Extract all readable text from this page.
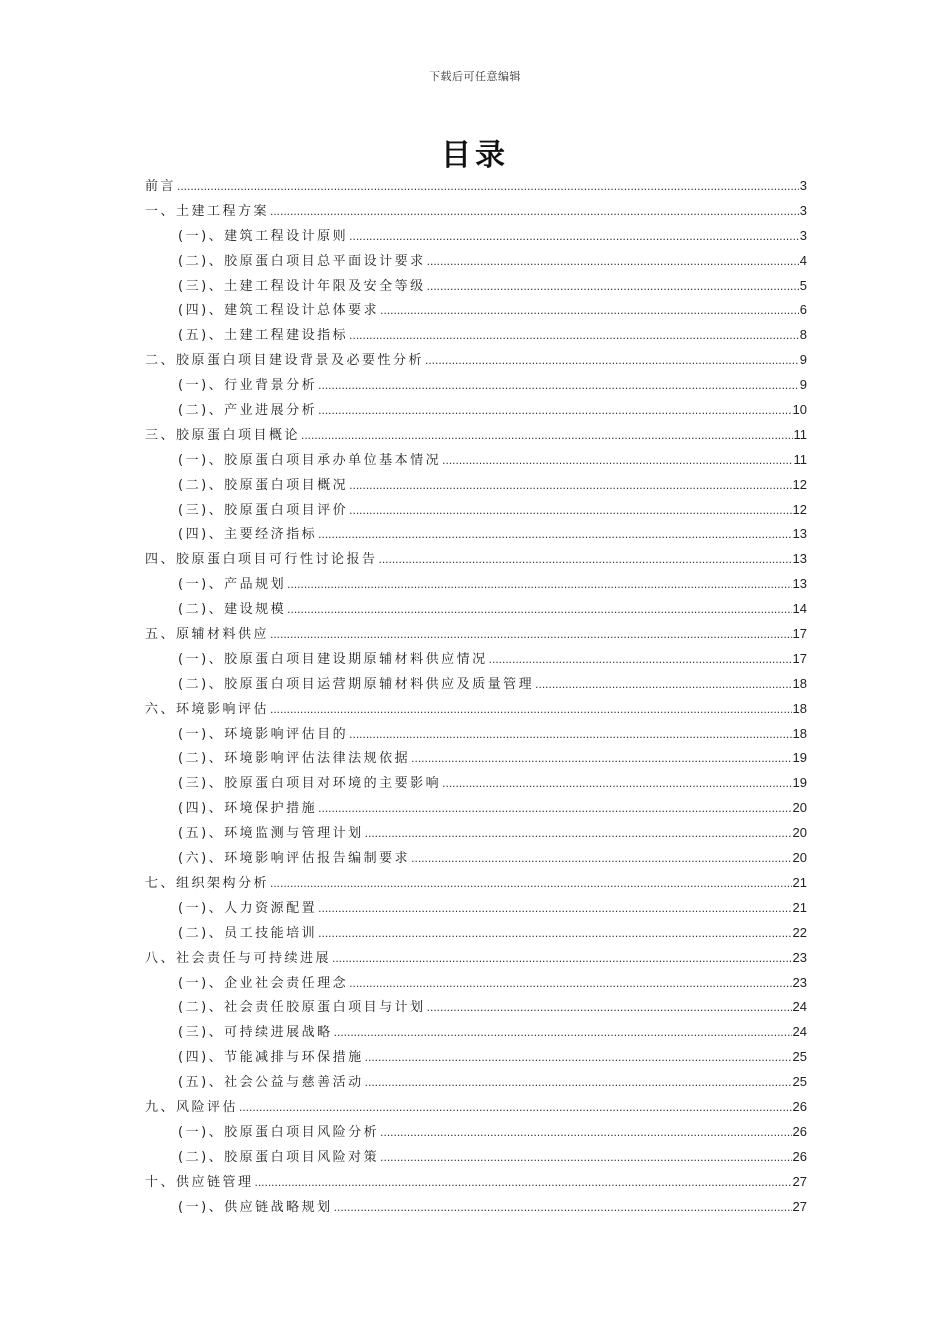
下载后可任意编辑
目录
前言 .....	3
一、土建工程方案 .....	3
(一)、建筑工程设计原则 .....	3
(二)、胶原蛋白项目总平面设计要求 .....	4
(三)、土建工程设计年限及安全等级 .....	5
(四)、建筑工程设计总体要求 .....	6
(五)、土建工程建设指标 .....	8
二、胶原蛋白项目建设背景及必要性分析 .....	9
(一)、行业背景分析 .....	9
(二)、产业进展分析 .....	10
三、胶原蛋白项目概论 .....	11
(一)、胶原蛋白项目承办单位基本情况 .....	11
(二)、胶原蛋白项目概况 .....	12
(三)、胶原蛋白项目评价 .....	12
(四)、主要经济指标 .....	13
四、胶原蛋白项目可行性讨论报告 .....	13
(一)、产品规划 .....	13
(二)、建设规模 .....	14
五、原辅材料供应 .....	17
(一)、胶原蛋白项目建设期原辅材料供应情况 .....	17
(二)、胶原蛋白项目运营期原辅材料供应及质量管理 .....	18
六、环境影响评估 .....	18
(一)、环境影响评估目的 .....	18
(二)、环境影响评估法律法规依据 .....	19
(三)、胶原蛋白项目对环境的主要影响 .....	19
(四)、环境保护措施 .....	20
(五)、环境监测与管理计划 .....	20
(六)、环境影响评估报告编制要求 .....	20
七、组织架构分析 .....	21
(一)、人力资源配置 .....	21
(二)、员工技能培训 .....	22
八、社会责任与可持续进展 .....	23
(一)、企业社会责任理念 .....	23
(二)、社会责任胶原蛋白项目与计划 .....	24
(三)、可持续进展战略 .....	24
(四)、节能减排与环保措施 .....	25
(五)、社会公益与慈善活动 .....	25
九、风险评估 .....	26
(一)、胶原蛋白项目风险分析 .....	26
(二)、胶原蛋白项目风险对策 .....	26
十、供应链管理 .....	27
(一)、供应链战略规划 .....	27
